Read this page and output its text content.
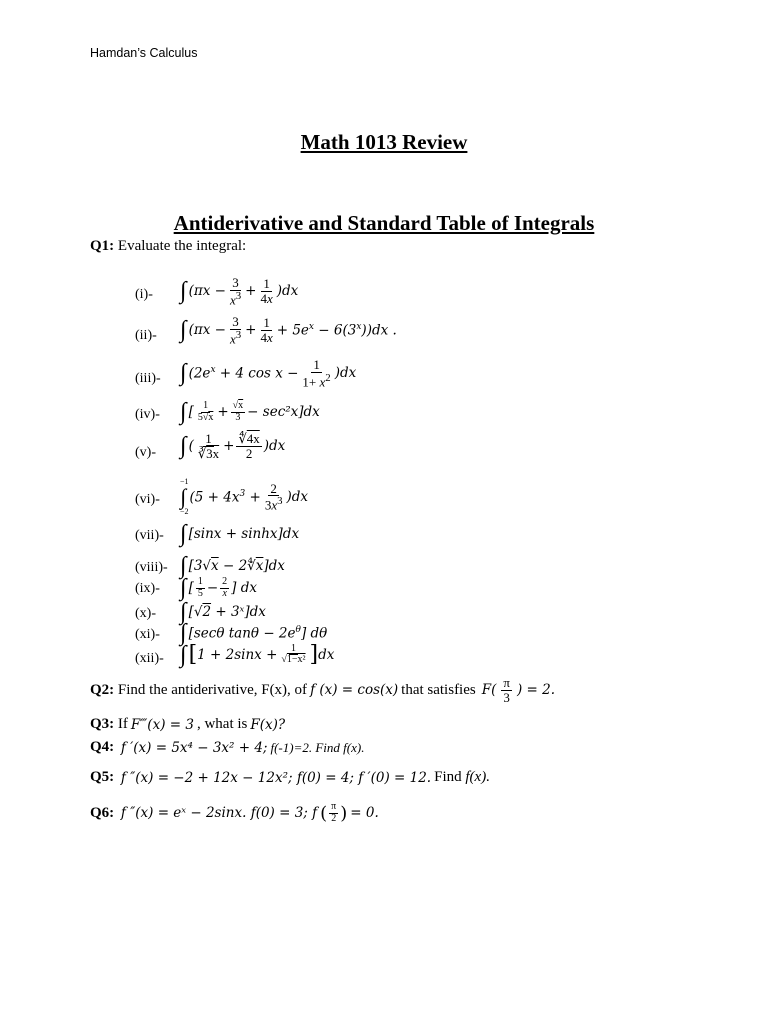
Hamdan’s Calculus
Math 1013 Review
Antiderivative and Standard Table of Integrals
Q1: Evaluate the integral:
(i)- ∫ $(\pi x - \frac{3}{x^3} + \frac{1}{4x} )dx$
(ii)- ∫ $(\pi x - \frac{3}{x^3} + \frac{1}{4x} + 5e^x - 6(3^x))dx$ .
(iii)- ∫ ($2e^x + 4$ $\cos x - \frac{1}{1+ x^2} )dx$
(iv)- ∫ [ $\frac{1}{5√x} + \frac{√x}{3} - \sec^2x]dx$
(v)- ∫ ( $\frac{1}{∛3x} + \frac{∜4x}{2} )dx$
(vi)-
−1
∫
−2
$(5 + 4x^3 + \frac{2}{3x^3} )dx$
(vii)- ∫ [sinx + sinhx]dx
(viii)- ∫ $[3√x - 2∜\overline{x}]dx$
(ix)- ∫ [ $\frac{1}{5} - \frac{2}{x}$ ] dx
(x)- ∫ [√2 + 3ˣ]dx
(xi)- ∫ [secθ $\tan\theta - 2e^\theta$] dθ
(xii)- ∫ [ $1 + 2\sin x + \frac{1}{\text{√1−x²}}$ ] dx
Q2:
Find the antiderivative, F(x), of f (x) = cos(x) that satisfies $F( \frac{\pi}{3}$ ) = 2.
Q3:
If F‴(x) = 3 , what is F(x)?
Q4:
f ′(x) = 5x⁴ − 3x² + 4; f(-1)=2. Find f(x).
Q5:
f ″(x) = −2 + 12x − 12x²; f(0) = 4; f ′(0) = 12. Find
f(x).
Q6:
f ″(x) = eˣ − 2sinx. f(0) = 3; f ( $\frac{\pi}{2}$ ) = 0.
